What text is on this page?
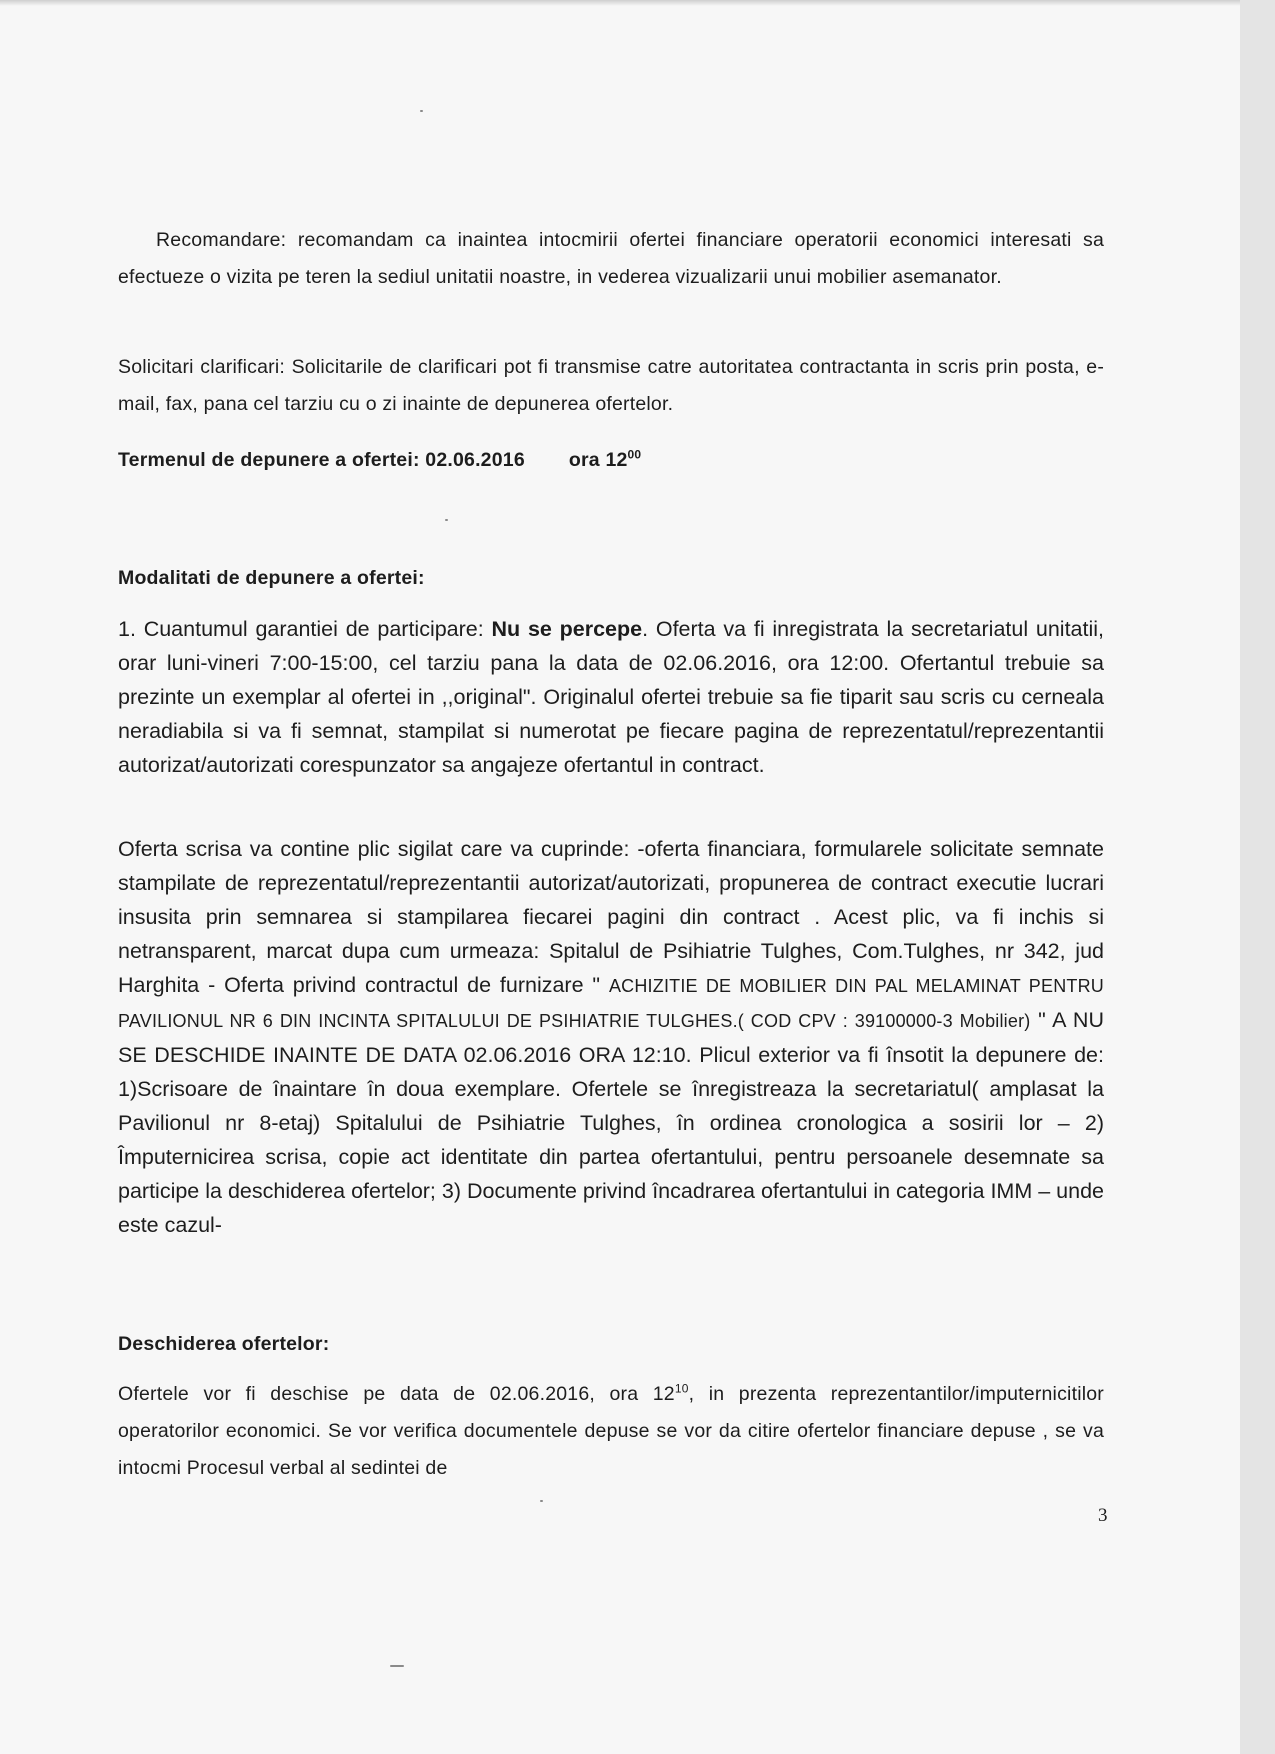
Recomandare: recomandam ca inaintea intocmirii ofertei financiare operatorii economici interesati sa efectueze o vizita pe teren la sediul unitatii noastre, in vederea vizualizarii unui mobilier asemanator.

Solicitari clarificari: Solicitarile de clarificari pot fi transmise catre autoritatea contractanta in scris prin posta, e-mail, fax, pana cel tarziu cu o zi inainte de depunerea ofertelor.

Termenul de depunere a ofertei: 02.06.2016 ora $12^{00}$

Modalitati de depunere a ofertei:

1. Cuantumul garantiei de participare: Nu se percepe. Oferta va fi inregistrata la secretariatul unitatii, orar luni-vineri 7:00-15:00, cel tarziu pana la data de 02.06.2016, ora 12:00. Ofertantul trebuie sa prezinte un exemplar al ofertei in ,,original". Originalul ofertei trebuie sa fie tiparit sau scris cu cerneala neradiabila si va fi semnat, stampilat si numerotat pe fiecare pagina de reprezentatul/reprezentantii autorizat/autorizati corespunzator sa angajeze ofertantul in contract.

Oferta scrisa va contine plic sigilat care va cuprinde: -oferta financiara, formularele solicitate semnate stampilate de reprezentatul/reprezentantii autorizat/autorizati, propunerea de contract executie lucrari insusita prin semnarea si stampilarea fiecarei pagini din contract . Acest plic, va fi inchis si netransparent, marcat dupa cum urmeaza: Spitalul de Psihiatrie Tulghes, Com.Tulghes, nr 342, jud Harghita - Oferta privind contractul de furnizare " ACHIZITIE DE MOBILIER DIN PAL MELAMINAT PENTRU PAVILIONUL NR 6 DIN INCINTA SPITALULUI DE PSIHIATRIE TULGHES.( COD CPV : 39100000-3 Mobilier) " A NU SE DESCHIDE INAINTE DE DATA 02.06.2016 ORA 12:10. Plicul exterior va fi însotit la depunere de: 1)Scrisoare de înaintare în doua exemplare. Ofertele se înregistreaza la secretariatul( amplasat la Pavilionul nr 8-etaj) Spitalului de Psihiatrie Tulghes, în ordinea cronologica a sosirii lor – 2) Împuternicirea scrisa, copie act identitate din partea ofertantului, pentru persoanele desemnate sa participe la deschiderea ofertelor; 3) Documente privind încadrarea ofertantului in categoria IMM – unde este cazul-

Deschiderea ofertelor:

Ofertele vor fi deschise pe data de 02.06.2016, ora $12^{10}$, in prezenta reprezentantilor/imputernicitilor operatorilor economici. Se vor verifica documentele depuse se vor da citire ofertelor financiare depuse , se va intocmi Procesul verbal al sedintei de

3
